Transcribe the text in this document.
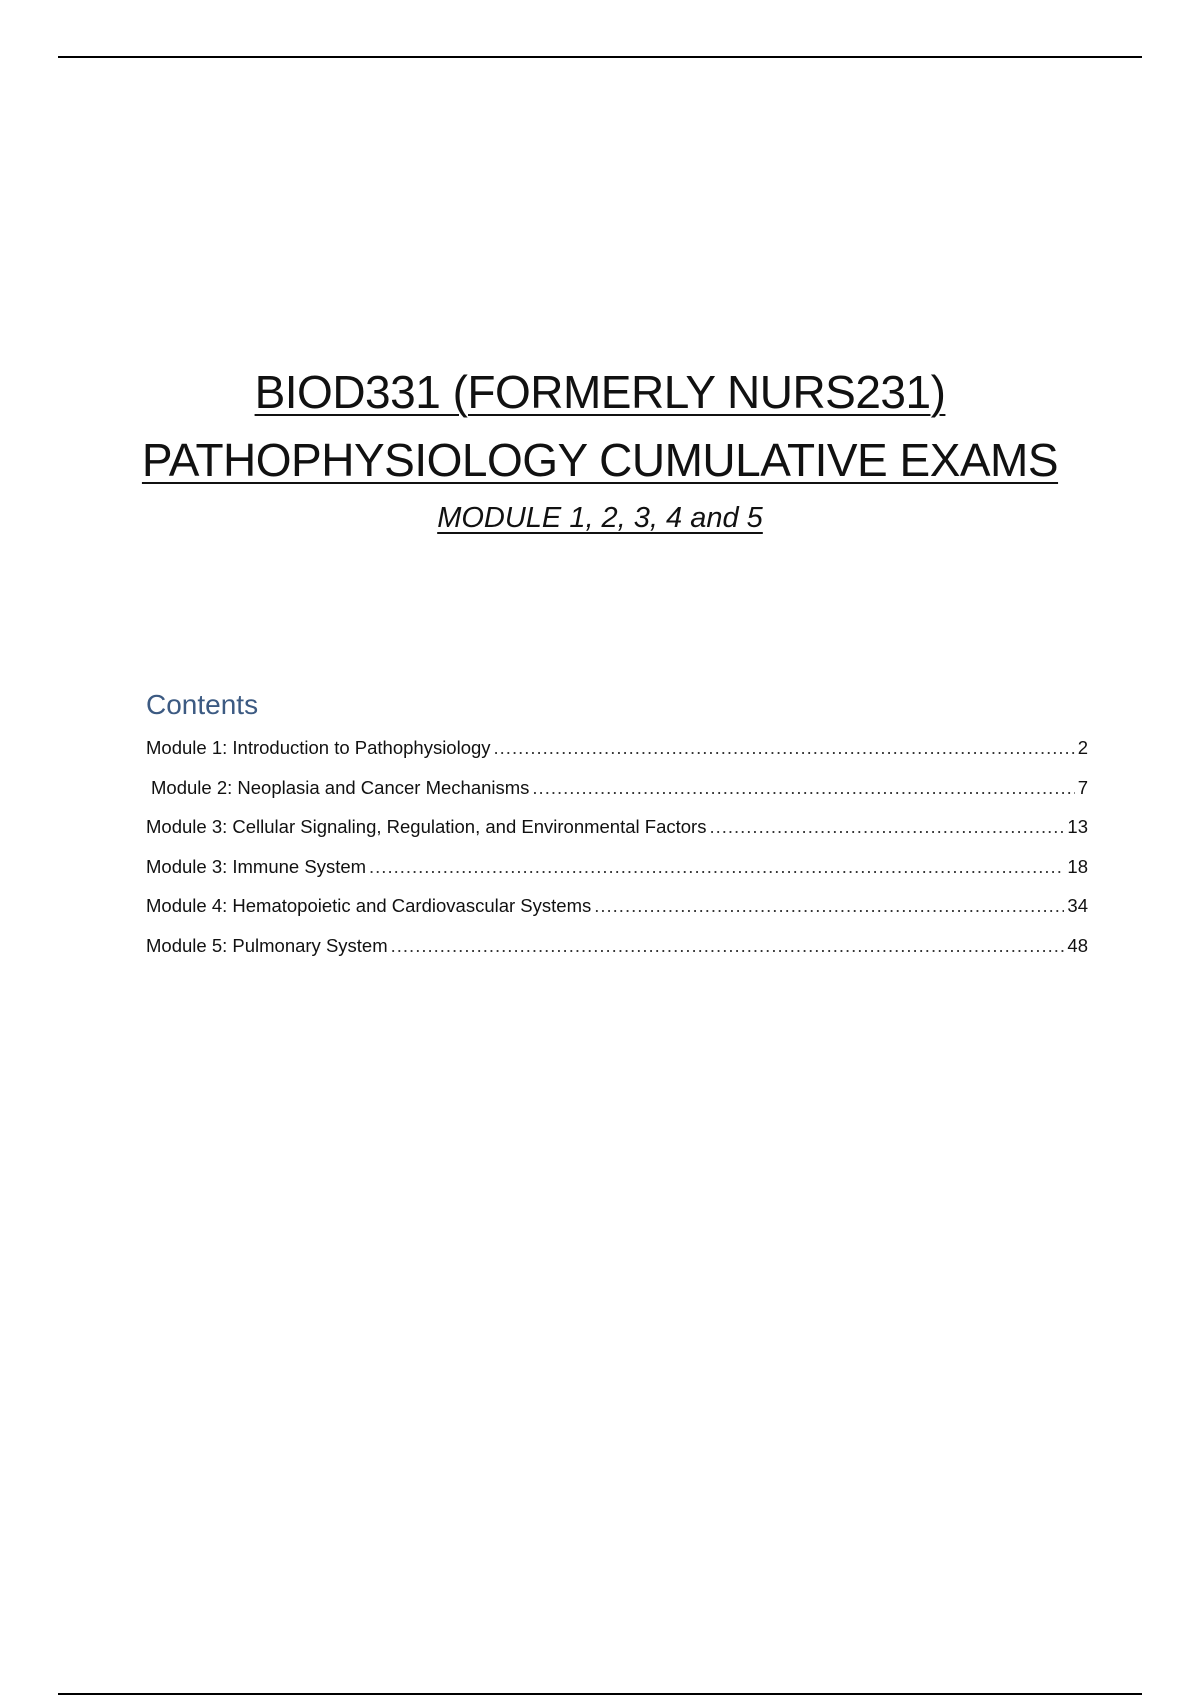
BIOD331 (FORMERLY NURS231)
PATHOPHYSIOLOGY CUMULATIVE EXAMS
MODULE 1, 2, 3, 4 and 5
Contents
Module 1: Introduction to Pathophysiology .....	2
Module 2: Neoplasia and Cancer Mechanisms .....	7
Module 3: Cellular Signaling, Regulation, and Environmental Factors .....	13
Module 3: Immune System .....	18
Module 4: Hematopoietic and Cardiovascular Systems .....	34
Module 5: Pulmonary System .....	48
